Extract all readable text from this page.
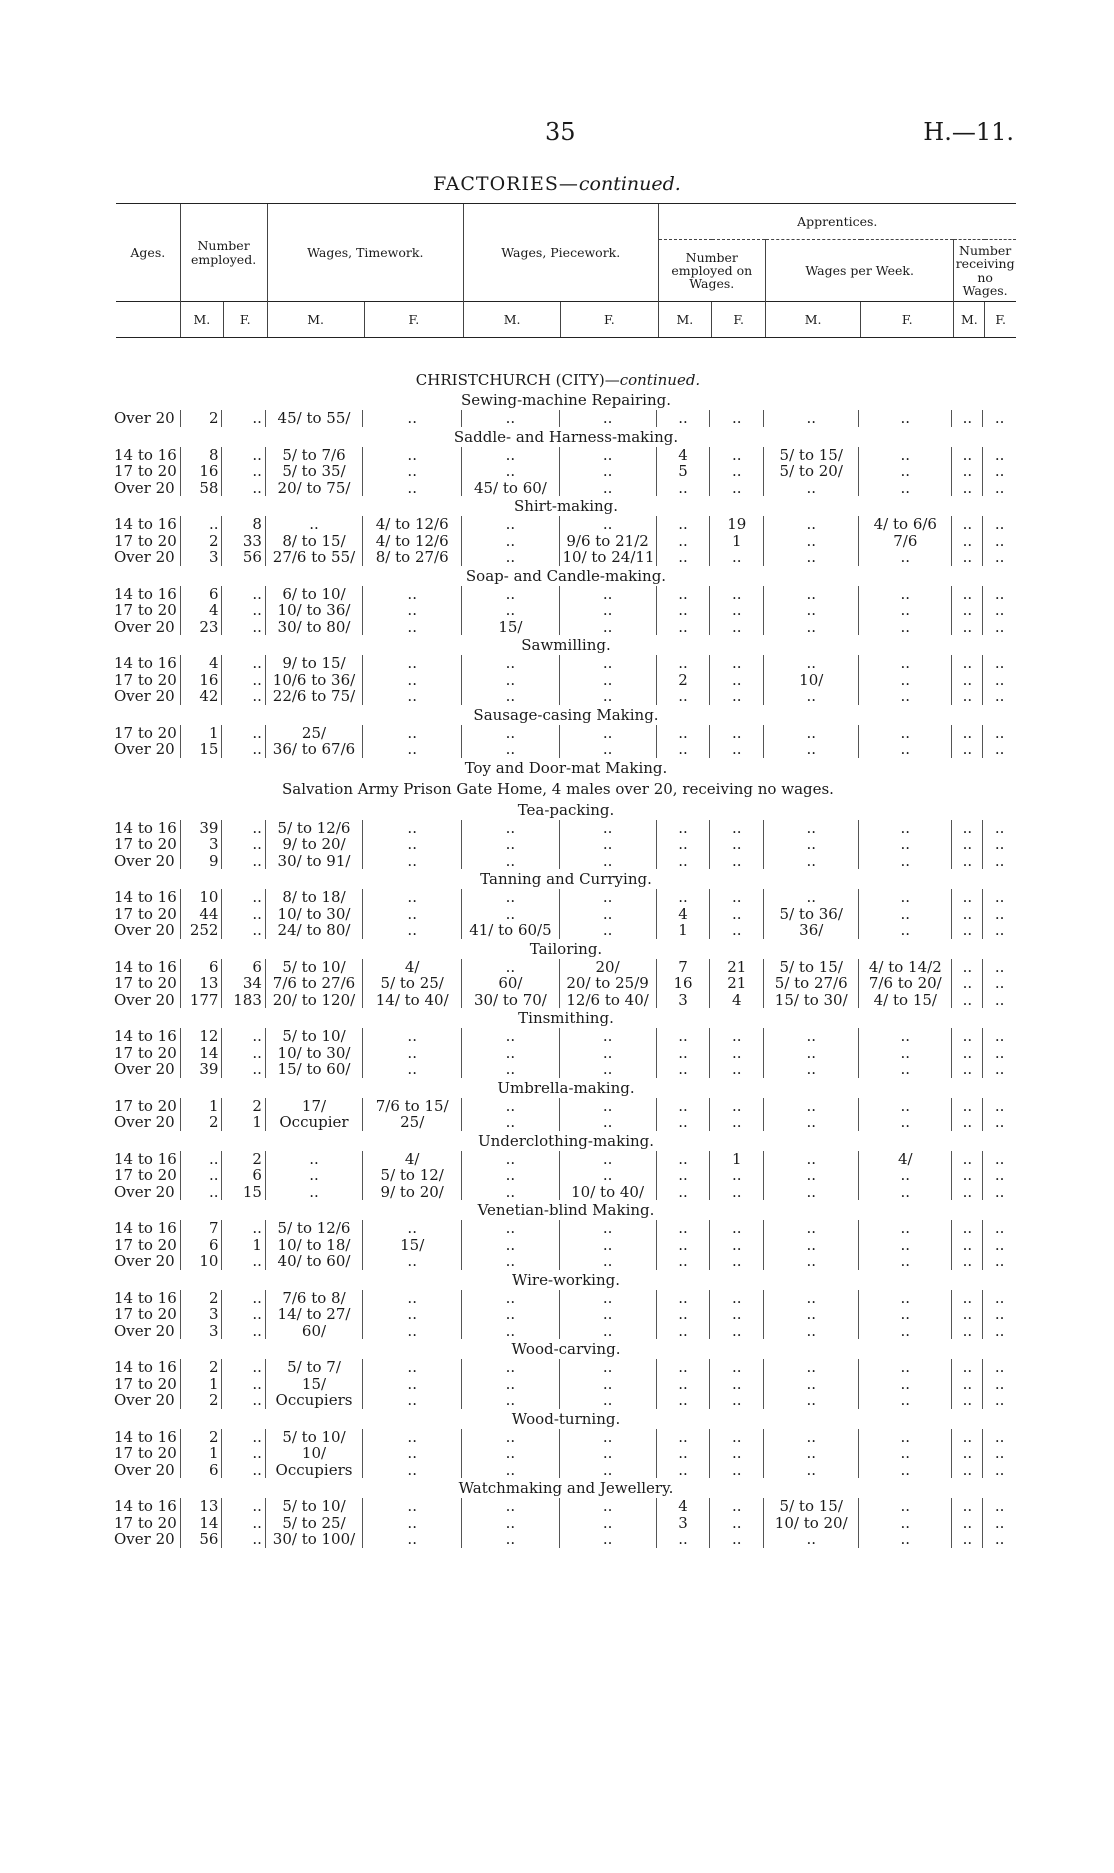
35	H.—11.
FACTORIES—continued.
Ages.	Number employed.		Wages, Timework.		Wages, Piecework.		Apprentices.					
							Number employed on Wages.		Wages per Week.		Number receiving no Wages.	
	M.	F.	M.	F.	M.	F.	M.	F.	M.	F.	M.	F.
CHRISTCHURCH (CITY)—continued.
Sewing-machine Repairing.
Over 20	2	..	45/ to 55/	..	..	..	..	..	..	..	..	..
Saddle- and Harness-making.
14 to 16	8	..	5/ to 7/6	..	..	..	4	..	5/ to 15/	..	..	..
17 to 20	16	..	5/ to 35/	..	..	..	5	..	5/ to 20/	..	..	..
Over 20	58	..	20/ to 75/	..	45/ to 60/	..	..	..	..	..	..	..
Shirt-making.
14 to 16	..	8	..	4/ to 12/6	..	..	..	19	..	4/ to 6/6	..	..
17 to 20	2	33	8/ to 15/	4/ to 12/6	..	9/6 to 21/2	..	1	..	7/6	..	..
Over 20	3	56	27/6 to 55/	8/ to 27/6	..	10/ to 24/11	..	..	..	..	..	..
Soap- and Candle-making.
14 to 16	6	..	6/ to 10/	..	..	..	..	..	..	..	..	..
17 to 20	4	..	10/ to 36/	..	..	..	..	..	..	..	..	..
Over 20	23	..	30/ to 80/	..	15/	..	..	..	..	..	..	..
Sawmilling.
14 to 16	4	..	9/ to 15/	..	..	..	..	..	..	..	..	..
17 to 20	16	..	10/6 to 36/	..	..	..	2	..	10/	..	..	..
Over 20	42	..	22/6 to 75/	..	..	..	..	..	..	..	..	..
Sausage-casing Making.
17 to 20	1	..	25/	..	..	..	..	..	..	..	..	..
Over 20	15	..	36/ to 67/6	..	..	..	..	..	..	..	..	..
Toy and Door-mat Making.
Salvation Army Prison Gate Home, 4 males over 20, receiving no wages.
Tea-packing.
14 to 16	39	..	5/ to 12/6	..	..	..	..	..	..	..	..	..
17 to 20	3	..	9/ to 20/	..	..	..	..	..	..	..	..	..
Over 20	9	..	30/ to 91/	..	..	..	..	..	..	..	..	..
Tanning and Currying.
14 to 16	10	..	8/ to 18/	..	..	..	..	..	..	..	..	..
17 to 20	44	..	10/ to 30/	..	..	..	4	..	5/ to 36/	..	..	..
Over 20	252	..	24/ to 80/	..	41/ to 60/5	..	1	..	36/	..	..	..
Tailoring.
14 to 16	6	6	5/ to 10/	4/	..	20/	7	21	5/ to 15/	4/ to 14/2	..	..
17 to 20	13	34	7/6 to 27/6	5/ to 25/	60/	20/ to 25/9	16	21	5/ to 27/6	7/6 to 20/	..	..
Over 20	177	183	20/ to 120/	14/ to 40/	30/ to 70/	12/6 to 40/	3	4	15/ to 30/	4/ to 15/	..	..
Tinsmithing.
14 to 16	12	..	5/ to 10/	..	..	..	..	..	..	..	..	..
17 to 20	14	..	10/ to 30/	..	..	..	..	..	..	..	..	..
Over 20	39	..	15/ to 60/	..	..	..	..	..	..	..	..	..
Umbrella-making.
17 to 20	1	2	17/	7/6 to 15/	..	..	..	..	..	..	..	..
Over 20	2	1	Occupier	25/	..	..	..	..	..	..	..	..
Underclothing-making.
14 to 16	..	2	..	4/	..	..	..	1	..	4/	..	..
17 to 20	..	6	..	5/ to 12/	..	..	..	..	..	..	..	..
Over 20	..	15	..	9/ to 20/	..	10/ to 40/	..	..	..	..	..	..
Venetian-blind Making.
14 to 16	7	..	5/ to 12/6	..	..	..	..	..	..	..	..	..
17 to 20	6	1	10/ to 18/	15/	..	..	..	..	..	..	..	..
Over 20	10	..	40/ to 60/	..	..	..	..	..	..	..	..	..
Wire-working.
14 to 16	2	..	7/6 to 8/	..	..	..	..	..	..	..	..	..
17 to 20	3	..	14/ to 27/	..	..	..	..	..	..	..	..	..
Over 20	3	..	60/	..	..	..	..	..	..	..	..	..
Wood-carving.
14 to 16	2	..	5/ to 7/	..	..	..	..	..	..	..	..	..
17 to 20	1	..	15/	..	..	..	..	..	..	..	..	..
Over 20	2	..	Occupiers	..	..	..	..	..	..	..	..	..
Wood-turning.
14 to 16	2	..	5/ to 10/	..	..	..	..	..	..	..	..	..
17 to 20	1	..	10/	..	..	..	..	..	..	..	..	..
Over 20	6	..	Occupiers	..	..	..	..	..	..	..	..	..
Watchmaking and Jewellery.
14 to 16	13	..	5/ to 10/	..	..	..	4	..	5/ to 15/	..	..	..
17 to 20	14	..	5/ to 25/	..	..	..	3	..	10/ to 20/	..	..	..
Over 20	56	..	30/ to 100/	..	..	..	..	..	..	..	..	..
